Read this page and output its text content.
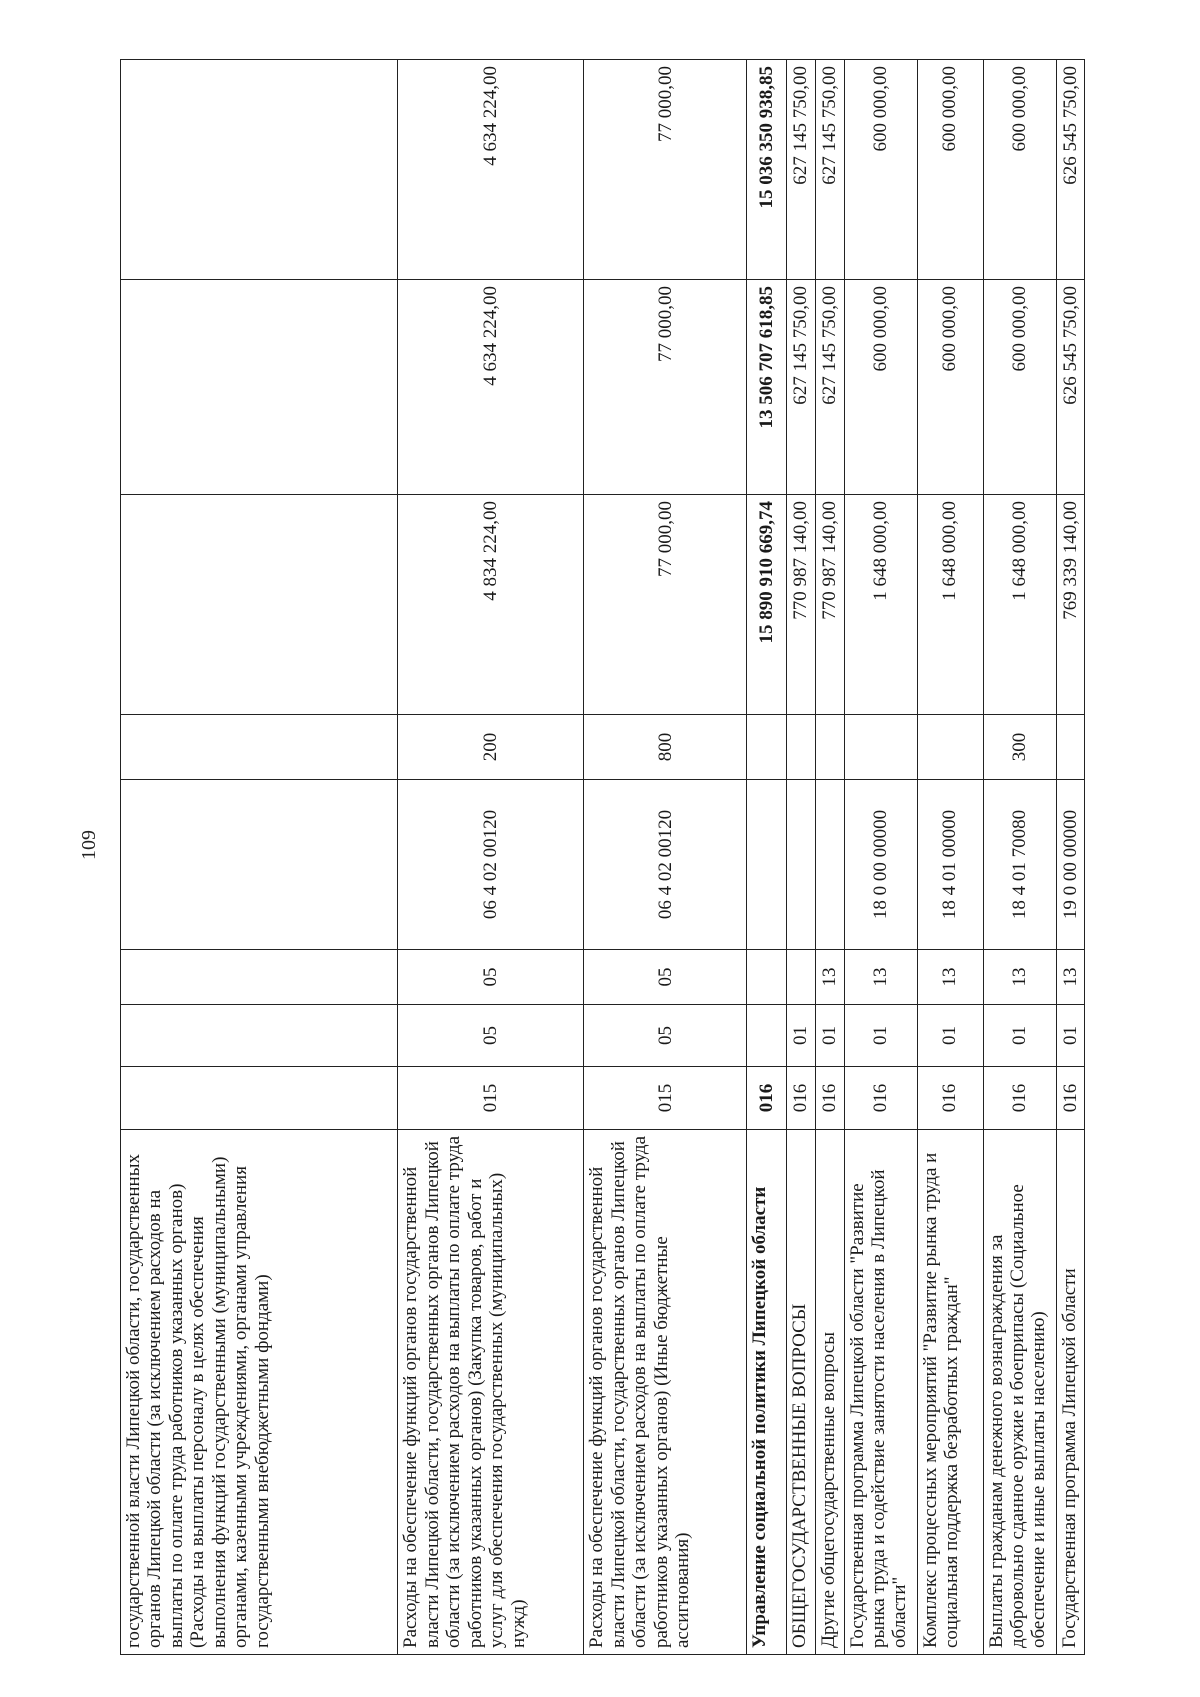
109
государственной власти Липецкой области, государственных органов Липецкой области (за исключением расходов на выплаты по оплате труда работников указанных органов) (Расходы на выплаты персоналу в целях обеспечения выполнения функций государственными (муниципальными) органами, казенными учреждениями, органами управления государственными внебюджетными фондами)								
Расходы на обеспечение функций органов государственной власти Липецкой области, государственных органов Липецкой области (за исключением расходов на выплаты по оплате труда работников указанных органов) (Закупка товаров, работ и услуг для обеспечения государственных (муниципальных) нужд)	015	05	05	06 4 02 00120	200	4 834 224,00	4 634 224,00	4 634 224,00
Расходы на обеспечение функций органов государственной власти Липецкой области, государственных органов Липецкой области (за исключением расходов на выплаты по оплате труда работников указанных органов) (Иные бюджетные ассигнования)	015	05	05	06 4 02 00120	800	77 000,00	77 000,00	77 000,00
Управление социальной политики Липецкой области	016					15 890 910 669,74	13 506 707 618,85	15 036 350 938,85
ОБЩЕГОСУДАРСТВЕННЫЕ ВОПРОСЫ	016	01				770 987 140,00	627 145 750,00	627 145 750,00
Другие общегосударственные вопросы	016	01	13			770 987 140,00	627 145 750,00	627 145 750,00
Государственная программа Липецкой области "Развитие рынка труда и содействие занятости населения в Липецкой области"	016	01	13	18 0 00 00000		1 648 000,00	600 000,00	600 000,00
Комплекс процессных мероприятий "Развитие рынка труда и социальная поддержка безработных граждан"	016	01	13	18 4 01 00000		1 648 000,00	600 000,00	600 000,00
Выплаты гражданам денежного вознаграждения за добровольно сданное оружие и боеприпасы (Социальное обеспечение и иные выплаты населению)	016	01	13	18 4 01 70080	300	1 648 000,00	600 000,00	600 000,00
Государственная программа Липецкой области	016	01	13	19 0 00 00000		769 339 140,00	626 545 750,00	626 545 750,00
